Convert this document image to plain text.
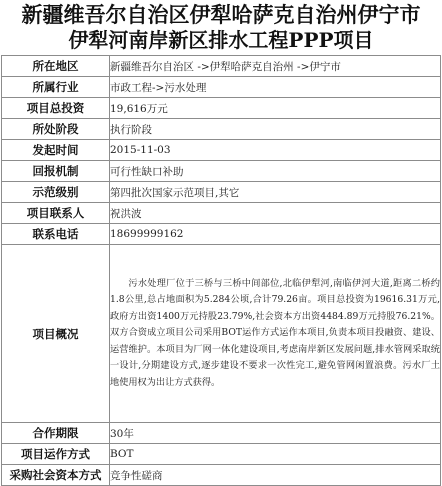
新疆维吾尔自治区伊犁哈萨克自治州伊宁市
伊犁河南岸新区排水工程PPP项目
所在地区	新疆维吾尔自治区 ->伊犁哈萨克自治州 ->伊宁市
所属行业	市政工程->污水处理
项目总投资	19,616万元
所处阶段	执行阶段
发起时间	2015-11-03
回报机制	可行性缺口补助
示范级别	第四批次国家示范项目,其它
项目联系人	祝洪波
联系电话	18699999162
项目概况	污水处理厂位于三桥与三桥中间部位,北临伊犁河,南临伊河大道,距离二桥约1.8公里,总占地面积为5.284公顷,合计79.26亩。项目总投资为19616.31万元,政府方出资1400万元持股23.79%,社会资本方出资4484.89万元持股76.21%。双方合资成立项目公司采用BOT运作方式运作本项目,负责本项目投融资、建设、运营维护。本项目为厂网一体化建设项目,考虑南岸新区发展问题,排水管网采取统一设计,分期建设方式,逐步建设不要求一次性完工,避免管网闲置浪费。污水厂土地使用权为出让方式获得。

合作期限	30年
项目运作方式	BOT
采购社会资本方式	竞争性磋商
